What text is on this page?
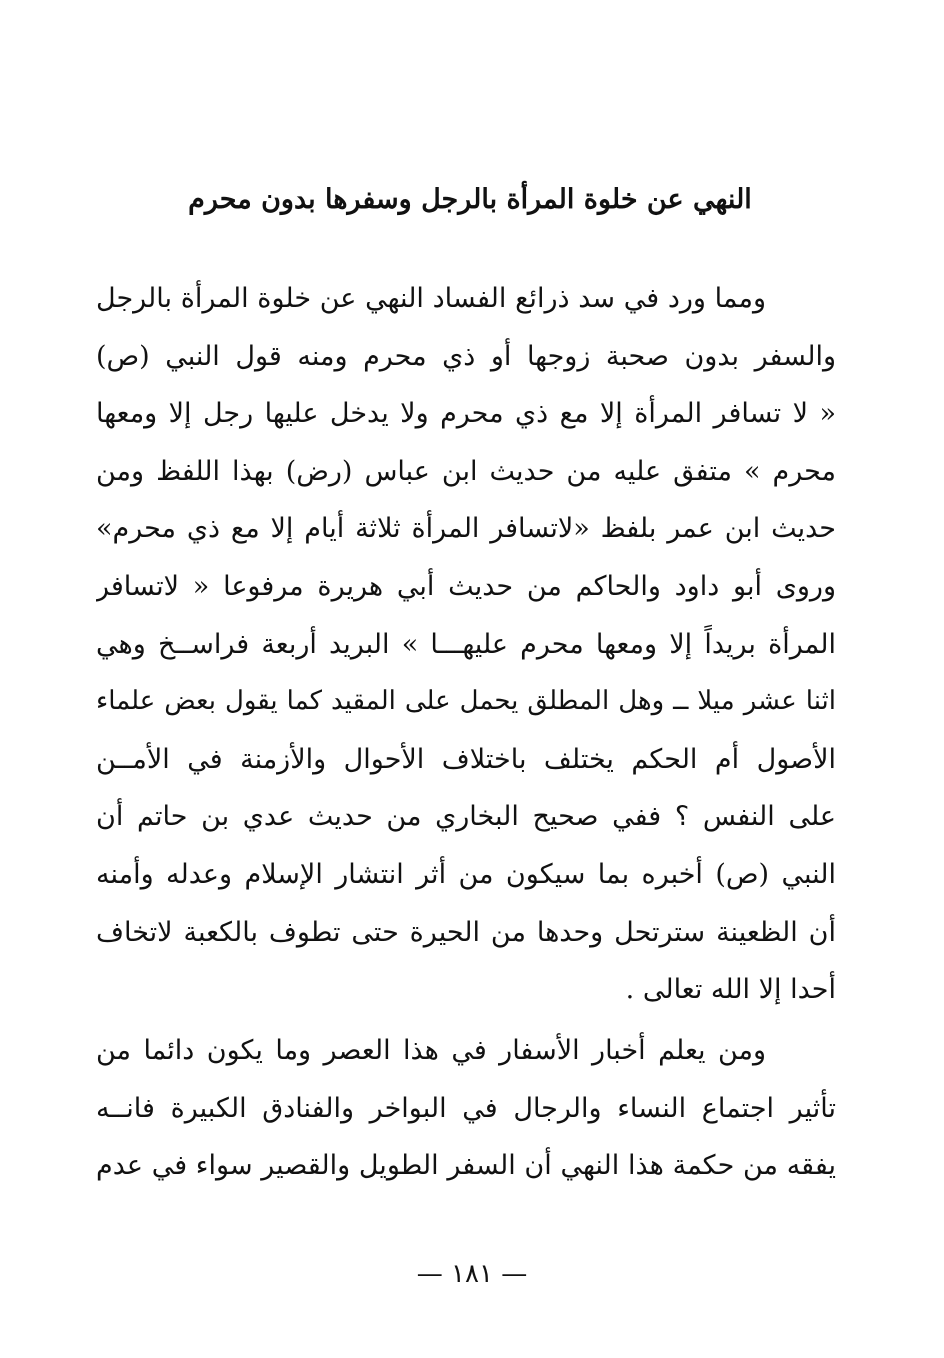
النهي عن خلوة المرأة بالرجل وسفرها بدون محرم
ومما ورد في سد ذرائع الفساد النهي عن خلوة المرأة بالرجل
والسفر بدون صحبة زوجها أو ذي محرم ومنه قول النبي (ص)
« لا تسافر المرأة إلا مع ذي محرم ولا يدخل عليها رجل إلا ومعها
محرم » متفق عليه من حديث ابن عباس (رض) بهذا اللفظ ومن
حديث ابن عمر بلفظ «لاتسافر المرأة ثلاثة أيام إلا مع ذي محرم»
وروى أبو داود والحاكم من حديث أبي هريرة مرفوعا « لاتسافر
المرأة بريداً إلا ومعها محرم عليهـــا » البريد أربعة فراســخ وهي
اثنا عشر ميلا ــ وهل المطلق يحمل على المقيد كما يقول بعض علماء
الأصول أم الحكم يختلف باختلاف الأحوال والأزمنة في الأمــن
على النفس ؟ ففي صحيح البخاري من حديث عدي بن حاتم أن
النبي (ص) أخبره بما سيكون من أثر انتشار الإسلام وعدله وأمنه
أن الظعينة سترتحل وحدها من الحيرة حتى تطوف بالكعبة لاتخاف
أحدا إلا الله تعالى .
ومن يعلم أخبار الأسفار في هذا العصر وما يكون دائما من
تأثير اجتماع النساء والرجال في البواخر والفنادق الكبيرة فانــه
يفقه من حكمة هذا النهي أن السفر الطويل والقصير سواء في عدم
— ١٨١ —
